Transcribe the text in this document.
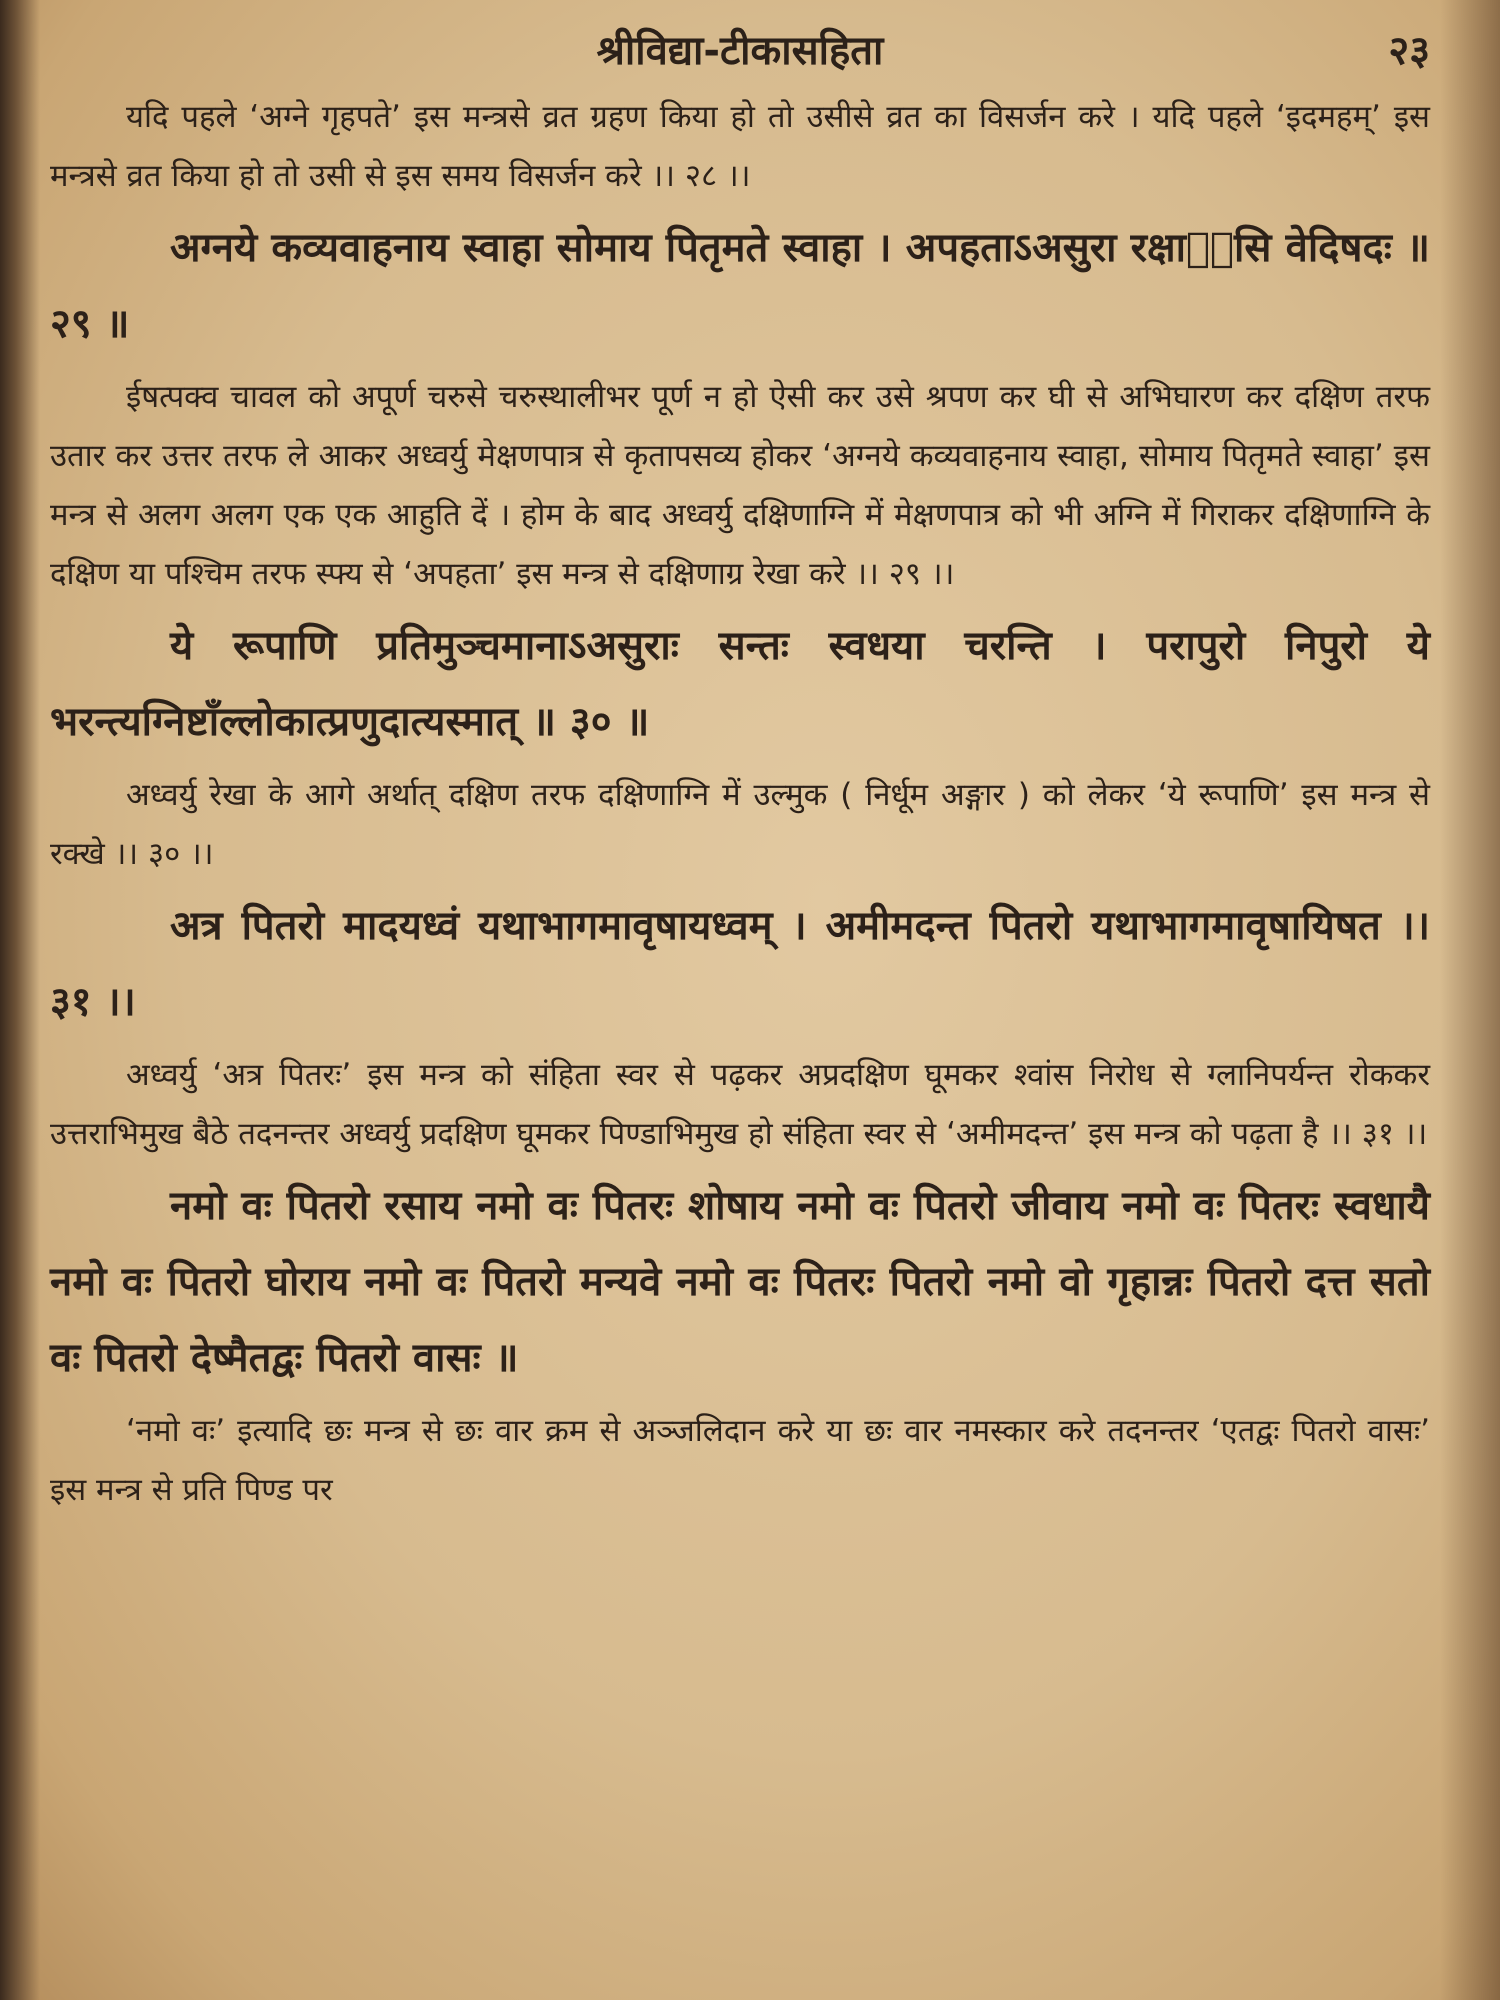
श्रीविद्या-टीकासहिता	२३

यदि पहले ‘अग्ने गृहपते’ इस मन्त्रसे व्रत ग्रहण किया हो तो उसीसे व्रत का विसर्जन करे । यदि पहले ‘इदमहम्’ इस मन्त्रसे व्रत किया हो तो उसी से इस समय विसर्जन करे ।। २८ ।।

अग्नये कव्यवाहनाय स्वाहा सोमाय पितृमते स्वाहा । अपहताऽअसुरा रक्षाᳬंसि वेदिषदः ॥ २९ ॥

ईषत्पक्व चावल को अपूर्ण चरुसे चरुस्थालीभर पूर्ण न हो ऐसी कर उसे श्रपण कर घी से अभिघारण कर दक्षिण तरफ उतार कर उत्तर तरफ ले आकर अध्वर्यु मेक्षणपात्र से कृतापसव्य होकर ‘अग्नये कव्यवाहनाय स्वाहा, सोमाय पितृमते स्वाहा’ इस मन्त्र से अलग अलग एक एक आहुति दें । होम के बाद अध्वर्यु दक्षिणाग्नि में मेक्षणपात्र को भी अग्नि में गिराकर दक्षिणाग्नि के दक्षिण या पश्चिम तरफ स्फ्य से ‘अपहता’ इस मन्त्र से दक्षिणाग्र रेखा करे ।। २९ ।।

ये रूपाणि प्रतिमुञ्चमानाऽअसुराः सन्तः स्वधया चरन्ति । परापुरो निपुरो ये भरन्त्यग्निष्टाँल्लोकात्प्रणुदात्यस्मात् ॥ ३० ॥

अध्वर्यु रेखा के आगे अर्थात् दक्षिण तरफ दक्षिणाग्नि में उल्मुक ( निर्धूम अङ्गार ) को लेकर ‘ये रूपाणि’ इस मन्त्र से रक्खे ।। ३० ।।

अत्र पितरो मादयध्वं यथाभागमावृषायध्वम् । अमीमदन्त पितरो यथाभागमावृषायिषत ।। ३१ ।।

अध्वर्यु ‘अत्र पितरः’ इस मन्त्र को संहिता स्वर से पढ़कर अप्रदक्षिण घूमकर श्वांस निरोध से ग्लानिपर्यन्त रोककर उत्तराभिमुख बैठे तदनन्तर अध्वर्यु प्रदक्षिण घूमकर पिण्डाभिमुख हो संहिता स्वर से ‘अमीमदन्त’ इस मन्त्र को पढ़ता है ।। ३१ ।।

नमो वः पितरो रसाय नमो वः पितरः शोषाय नमो वः पितरो जीवाय नमो वः पितरः स्वधायै नमो वः पितरो घोराय नमो वः पितरो मन्यवे नमो वः पितरः पितरो नमो वो गृहान्नः पितरो दत्त सतो वः पितरो देष्मैतद्वः पितरो वासः ॥

‘नमो वः’ इत्यादि छः मन्त्र से छः वार क्रम से अञ्जलिदान करे या छः वार नमस्कार करे तदनन्तर ‘एतद्वः पितरो वासः’ इस मन्त्र से प्रति पिण्ड पर
